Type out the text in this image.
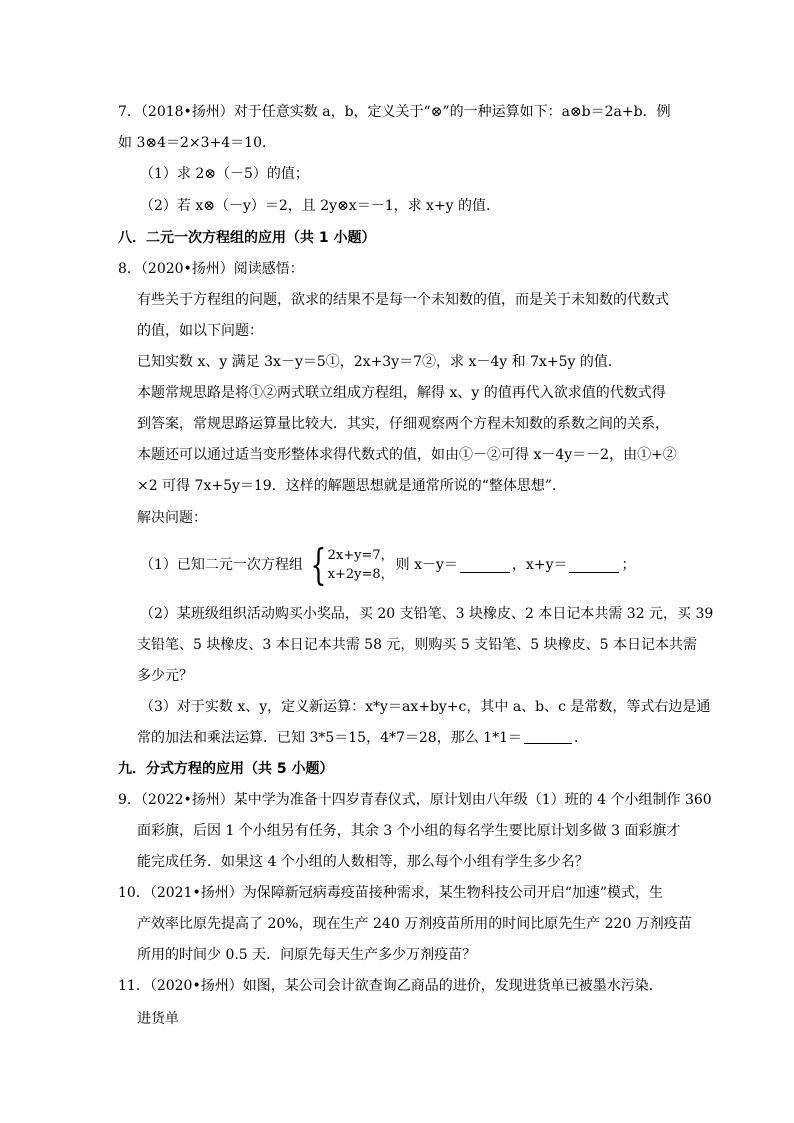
7．（2018•扬州）对于任意实数 a，b，定义关于“⊗”的一种运算如下：a⊗b＝2a+b．例
如 3⊗4＝2×3+4＝10．
（1）求 2⊗（－5）的值；
（2）若 x⊗（－y）＝2，且 2y⊗x＝－1，求 x+y 的值．
八．二元一次方程组的应用（共 1 小题）
8．（2020•扬州）阅读感悟：
有些关于方程组的问题，欲求的结果不是每一个未知数的值，而是关于未知数的代数式
的值，如以下问题：
已知实数 x、y 满足 3x－y＝5①，2x+3y＝7②，求 x－4y 和 7x+5y 的值．
本题常规思路是将①②两式联立组成方程组，解得 x、y 的值再代入欲求值的代数式得
到答案，常规思路运算量比较大．其实，仔细观察两个方程未知数的系数之间的关系，
本题还可以通过适当变形整体求得代数式的值，如由①－②可得 x－4y＝－2，由①+②
×2 可得 7x+5y＝19．这样的解题思想就是通常所说的“整体思想”．
解决问题：
（1）已知二元一次方程组 { 2x+y=7，
x+2y=8，
则 x－y＝	，x+y＝	；
（2）某班级组织活动购买小奖品，买 20 支铅笔、3 块橡皮、2 本日记本共需 32 元，买 39
支铅笔、5 块橡皮、3 本日记本共需 58 元，则购买 5 支铅笔、5 块橡皮、5 本日记本共需
多少元？
（3）对于实数 x、y，定义新运算：x*y＝ax+by+c，其中 a、b、c 是常数，等式右边是通
常的加法和乘法运算．已知 3*5＝15，4*7＝28，那么 1*1＝	．
九．分式方程的应用（共 5 小题）
9．（2022•扬州）某中学为准备十四岁青春仪式，原计划由八年级（1）班的 4 个小组制作 360
面彩旗，后因 1 个小组另有任务，其余 3 个小组的每名学生要比原计划多做 3 面彩旗才
能完成任务．如果这 4 个小组的人数相等，那么每个小组有学生多少名？
10．（2021•扬州）为保障新冠病毒疫苗接种需求，某生物科技公司开启“加速”模式，生
产效率比原先提高了 20%，现在生产 240 万剂疫苗所用的时间比原先生产 220 万剂疫苗
所用的时间少 0.5 天．问原先每天生产多少万剂疫苗？
11．（2020•扬州）如图，某公司会计欲查询乙商品的进价，发现进货单已被墨水污染．
进货单
